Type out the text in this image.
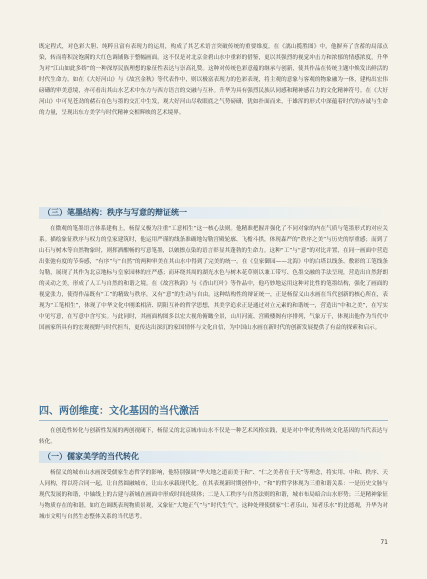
既定程式，对色彩大胆、纯粹且富有表现力的运用，构成了其艺术语言突破传统的重要维度。在《漓山揽胜图》中，他摒弃了含蓄的局部点染，转而将积淀饱满的大红色调铺陈于整幅画面。这不仅是对北京金碧山水中重彩的借鉴，更以其强烈的视觉冲击力和浓郁的情感浓度，升华为对“江山如此多娇”的一种深厚民族理想的象征性表达与崇高礼赞。这种对传统色彩意蕴的继承与创新，使其作品在传统主题中焕发出鲜活的时代生命力。如在《大好河山》与《故宫金秋》等代表作中，则以极富表现力的色彩表现，将主观的意象与客观的物象融为一体，建构出宏伟磅礴的审美意境，亦可看出其山水艺术中东方与西方语言的交融与互补。升华为具有强烈民族认同感和精神感召力的文化精神符号。在《大好河山》中可见苍劲的赭石在色与墨的交汇中生发，观大好河山尽收眼底之气势磅礴，犹如扑面而来，于雄浑的形式中深蕴着时代的赤诚与生命的力量，呈现出东方美学与时代精神交相辉映的艺术境界。

（三）笔墨结构：秩序与写意的辩证统一

在微观的笔墨语言体系建构上，杨留义极为注重“工意相生”这一核心法则。他精准把握并强化了不同对象的内在气质与笔墨形式的对应关系。描绘象征秩序与权力的皇家建筑时，他运用严谨的线条准确地勾勒宫殿轮廓、飞檐斗拱，体现森严的“秩序之美”与历史的厚重感；而到了山石与树木等自然物象时，则挥洒酣畅的写意笔墨，以皴擦点染的语言彰显其蓬勃的生命力。这种“工”与“意”的对比并置，在同一画面中营造出张弛有度的节奏感，“有序”与“自然”的两种审美在其山水中得到了完美的统一。在《皇家御园——北海》中的白塔以线条、敷彩的工笔线条勾勒，展现了其作为北京地标与皇家园林的庄严感；而环绕其周的湖光水色与树木花草则以兼工带写、色墨交融的手法呈现，营造出自然舒朗的灵动之美，形成了人工与自然的和谐之境。在《故宫秋韵》与《香山红叶》等作品中，他巧妙地运用这种对比性的笔墨结构，强化了画面的视觉张力，使得作品既有“工”的精致与秩序，又有“意”的生动与自由。这种结构性的辩证统一，正是杨留义山水画在当代创新的核心所在，表现为“工笔相生”，体现了中华文化中刚柔相济、阴阳互补的哲学思想，其美学追求正是通过对立元素的和谐统一，营造出“中和之美”，在写实中见写意，在写意中含写实。与此同时，其画面构图多以宏大视角俯瞰全景，山川河流、宫殿楼阁有序排列，气象万千，体现出他作为当代中国画家所具有的宏观视野与时代担当，更传达出深沉的家国情怀与文化自信，为中国山水画在新时代的创新发展提供了有益的探索和启示。

四、两创维度：文化基因的当代激活

在创造性转化与创新性发展的两创视阈下，杨留义的北京城市山水不仅是一种艺术风格实践，更是对中华优秀传统文化基因的当代表达与转化。

（一）儒家美学的当代转化

杨留义的城市山水画深受儒家生态哲学的影响，他特别强调“华夫地之道而美于和”、“仁之美者在于天”等理念，将实用、中和、秩序、天人同构，得以符合同一起，让自然圆融城市，让山水承载现代化。在其表现新时期创作中，“和”的哲学体现为三重和谐关系：一是历史文脉与现代发展的和谐，中轴线上的古建与新城在画面中形成时间连续体；二是人工秩序与自然法则的和谐，城市布局暗合山水形势；三是精神象征与物质存在的和谐，如红色调既表现物质景观，又象征“大地正气”与“时代生气”，这种处理使儒家“仁者乐山，知者乐水”的比德观，升华为对城市文明与自然生态整体关系的当代思考。

71
